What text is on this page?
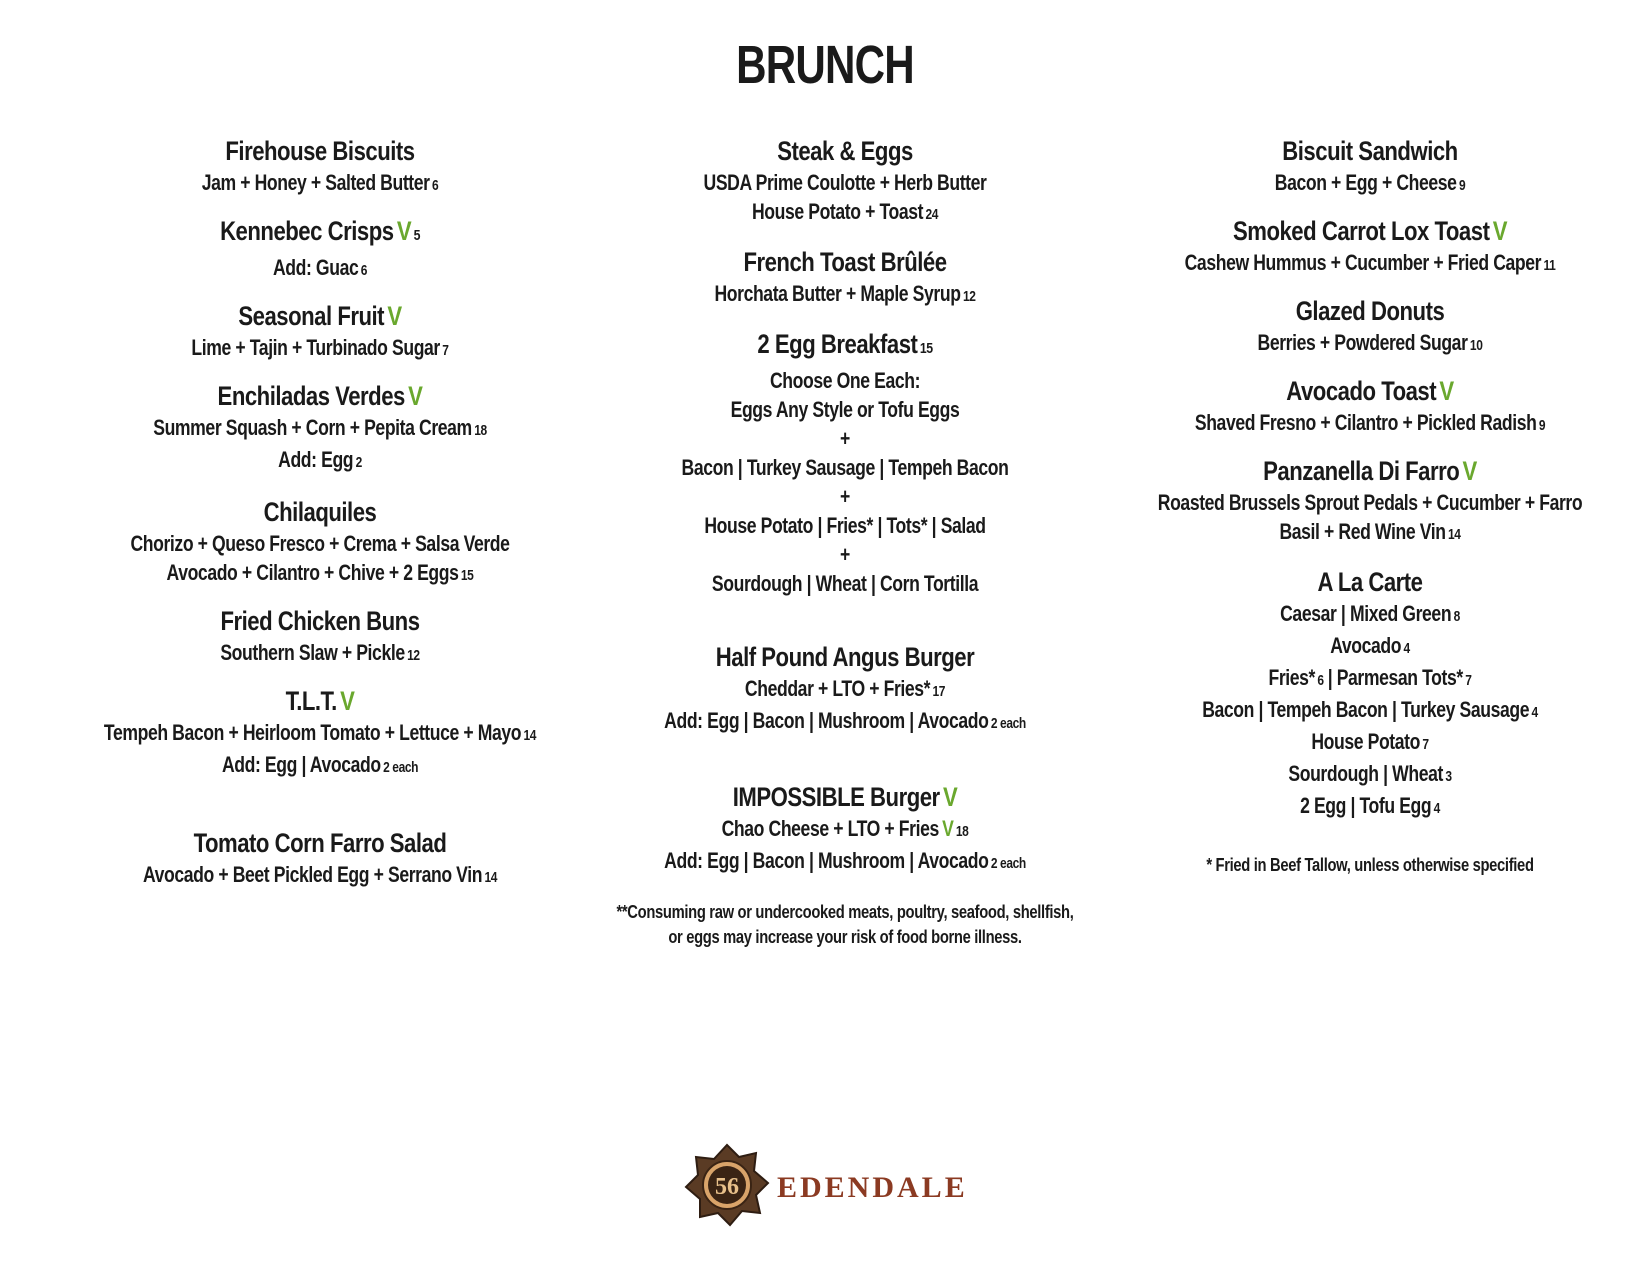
BRUNCH
Firehouse Biscuits
Jam + Honey + Salted Butter 6
Kennebec Crisps V 5
Add: Guac 6
Seasonal Fruit V
Lime + Tajin + Turbinado Sugar 7
Enchiladas Verdes V
Summer Squash + Corn + Pepita Cream 18
Add: Egg 2
Chilaquiles
Chorizo + Queso Fresco + Crema + Salsa Verde
Avocado + Cilantro + Chive + 2 Eggs 15
Fried Chicken Buns
Southern Slaw + Pickle 12
T.L.T. V
Tempeh Bacon + Heirloom Tomato + Lettuce + Mayo 14
Add: Egg | Avocado 2 each
Tomato Corn Farro Salad
Avocado + Beet Pickled Egg + Serrano Vin 14
Steak & Eggs
USDA Prime Coulotte + Herb Butter
House Potato + Toast 24
French Toast Brûlée
Horchata Butter + Maple Syrup 12
2 Egg Breakfast 15
Choose One Each:
Eggs Any Style or Tofu Eggs
+
Bacon | Turkey Sausage | Tempeh Bacon
+
House Potato | Fries* | Tots* | Salad
+
Sourdough | Wheat | Corn Tortilla
Half Pound Angus Burger
Cheddar + LTO + Fries* 17
Add: Egg | Bacon | Mushroom | Avocado 2 each
IMPOSSIBLE Burger V
Chao Cheese + LTO + Fries V 18
Add: Egg | Bacon | Mushroom | Avocado 2 each
**Consuming raw or undercooked meats, poultry, seafood, shellfish,
or eggs may increase your risk of food borne illness.
Biscuit Sandwich
Bacon + Egg + Cheese 9
Smoked Carrot Lox Toast V
Cashew Hummus + Cucumber + Fried Caper 11
Glazed Donuts
Berries + Powdered Sugar 10
Avocado Toast V
Shaved Fresno + Cilantro + Pickled Radish 9
Panzanella Di Farro V
Roasted Brussels Sprout Pedals + Cucumber + Farro
Basil + Red Wine Vin 14
A La Carte
Caesar | Mixed Green 8
Avocado 4
Fries* 6 | Parmesan Tots* 7
Bacon | Tempeh Bacon | Turkey Sausage 4
House Potato 7
Sourdough | Wheat 3
2 Egg | Tofu Egg 4
* Fried in Beef Tallow, unless otherwise specified
56 EDENDALE
